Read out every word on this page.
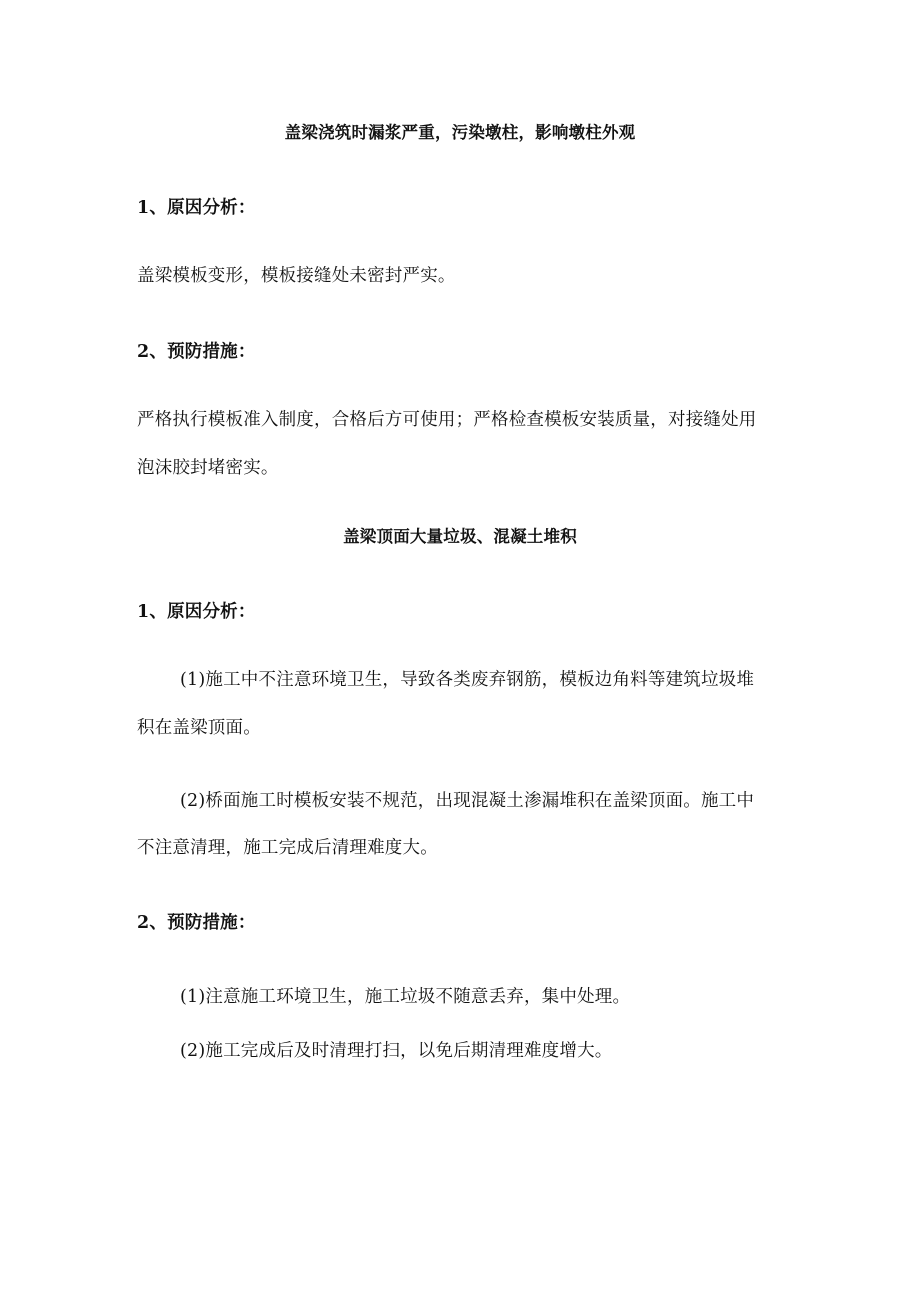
盖梁浇筑时漏浆严重，污染墩柱，影响墩柱外观
1、原因分析：
盖梁模板变形，模板接缝处未密封严实。
2、预防措施：
严格执行模板准入制度，合格后方可使用；严格检查模板安装质量，对接缝处用
泡沫胶封堵密实。
盖梁顶面大量垃圾、混凝土堆积
1、原因分析：
(1)施工中不注意环境卫生，导致各类废弃钢筋，模板边角料等建筑垃圾堆
积在盖梁顶面。
(2)桥面施工时模板安装不规范，出现混凝土渗漏堆积在盖梁顶面。施工中
不注意清理，施工完成后清理难度大。
2、预防措施：
(1)注意施工环境卫生，施工垃圾不随意丢弃，集中处理。
(2)施工完成后及时清理打扫，以免后期清理难度增大。
